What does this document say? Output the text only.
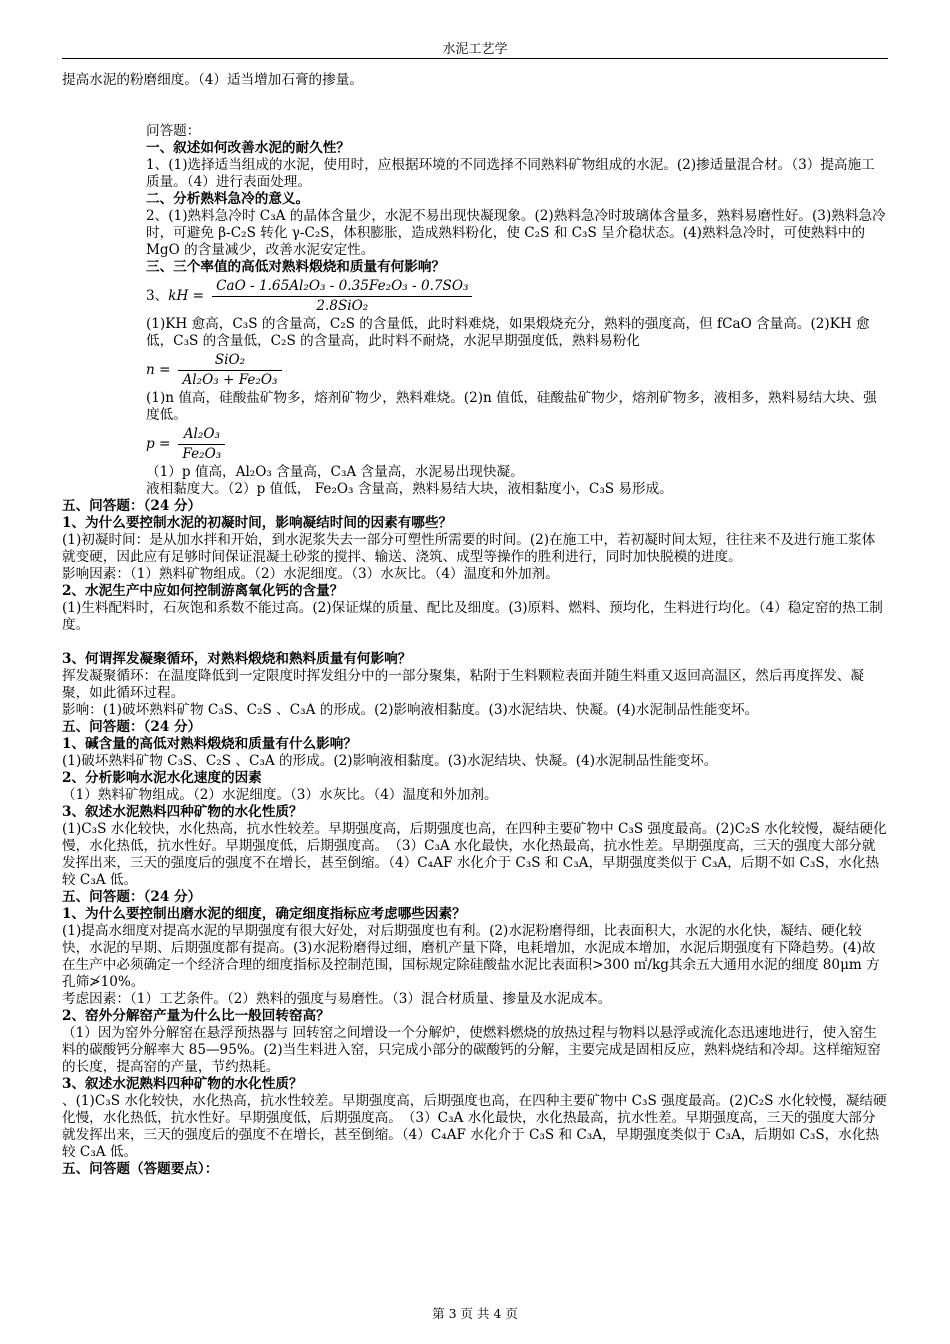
水泥工艺学

提高水泥的粉磨细度。（4）适当增加石膏的掺量。

问答题：

一、叙述如何改善水泥的耐久性？

1、(1)选择适当组成的水泥，使用时，应根据环境的不同选择不同熟料矿物组成的水泥。(2)掺适量混合材。（3）提高施工质量。（4）进行表面处理。

二、分析熟料急冷的意义。

2、(1)熟料急冷时 C₃A 的晶体含量少，水泥不易出现快凝现象。(2)熟料急冷时玻璃体含量多，熟料易磨性好。(3)熟料急冷时，可避免 β-C₂S 转化 γ-C₂S，体积膨胀，造成熟料粉化，使 C₂S 和 C₃S 呈介稳状态。(4)熟料急冷时，可使熟料中的 MgO 的含量减少，改善水泥安定性。

三、三个率值的高低对熟料煅烧和质量有何影响？

3、 kH = $\frac{\text{CaO - 1.65Al₂O₃ - 0.35Fe₂O₃ - 0.7SO₃}}{\text{2.8SiO₂}}$

(1)KH 愈高，C₃S 的含量高，C₂S 的含量低，此时料难烧，如果煅烧充分，熟料的强度高，但 fCaO 含量高。(2)KH 愈低，C₃S 的含量低，C₂S 的含量高，此时料不耐烧，水泥早期强度低，熟料易粉化

$n = \frac{\text{SiO₂}}{\text{Al₂O₃ + Fe₂O₃}}$

(1)n 值高，硅酸盐矿物多，熔剂矿物少，熟料难烧。(2)n 值低，硅酸盐矿物少，熔剂矿物多，液相多，熟料易结大块、强度低。

$p = \frac{\text{Al₂O₃}}{\text{Fe₂O₃}}$

（1）p 值高，Al₂O₃ 含量高，C₃A 含量高，水泥易出现快凝。

液相黏度大。（2）p 值低， Fe₂O₃ 含量高，熟料易结大块，液相黏度小，C₃S 易形成。

五、问答题：（24 分）

1、为什么要控制水泥的初凝时间，影响凝结时间的因素有哪些？

(1)初凝时间：是从加水拌和开始，到水泥浆失去一部分可塑性所需要的时间。(2)在施工中，若初凝时间太短，往往来不及进行施工浆体就变硬，因此应有足够时间保证混凝土砂浆的搅拌、输送、浇筑、成型等操作的胜利进行，同时加快脱模的进度。

影响因素：（1）熟料矿物组成。（2）水泥细度。（3）水灰比。（4）温度和外加剂。

2、水泥生产中应如何控制游离氧化钙的含量？

(1)生料配料时，石灰饱和系数不能过高。(2)保证煤的质量、配比及细度。(3)原料、燃料、预均化，生料进行均化。（4）稳定窑的热工制度。

3、何谓挥发凝聚循环，对熟料煅烧和熟料质量有何影响？

挥发凝聚循环：在温度降低到一定限度时挥发组分中的一部分聚集，粘附于生料颗粒表面并随生料重又返回高温区，然后再度挥发、凝聚，如此循环过程。

影响：(1)破坏熟料矿物 C₃S、C₂S 、C₃A 的形成。(2)影响液相黏度。(3)水泥结块、快凝。(4)水泥制品性能变坏。

五、问答题：（24 分）

1、碱含量的高低对熟料煅烧和质量有什么影响？

(1)破坏熟料矿物 C₃S、C₂S 、C₃A 的形成。(2)影响液相黏度。(3)水泥结块、快凝。(4)水泥制品性能变坏。

2、分析影响水泥水化速度的因素

（1）熟料矿物组成。（2）水泥细度。（3）水灰比。（4）温度和外加剂。

3、叙述水泥熟料四种矿物的水化性质？

(1)C₃S 水化较快，水化热高，抗水性较差。早期强度高，后期强度也高，在四种主要矿物中 C₃S 强度最高。(2)C₂S 水化较慢，凝结硬化慢，水化热低，抗水性好。早期强度低，后期强度高。　（3）C₃A 水化最快，水化热最高，抗水性差。早期强度高，三天的强度大部分就发挥出来，三天的强度后的强度不在增长，甚至倒缩。（4）C₄AF 水化介于 C₃S 和 C₃A，早期强度类似于 C₃A，后期不如 C₃S，水化热较 C₃A 低。

五、问答题：（24 分）

1、为什么要控制出磨水泥的细度，确定细度指标应考虑哪些因素？

(1)提高水细度对提高水泥的早期强度有很大好处，对后期强度也有利。(2)水泥粉磨得细，比表面积大，水泥的水化快，凝结、硬化较快，水泥的早期、后期强度都有提高。(3)水泥粉磨得过细，磨机产量下降，电耗增加，水泥成本增加，水泥后期强度有下降趋势。(4)故在生产中必须确定一个经济合理的细度指标及控制范围，国标规定除硅酸盐水泥比表面积>300 ㎡/kg其余五大通用水泥的细度 80μm 方孔筛≯10%。

考虑因素：（1）工艺条件。（2）熟料的强度与易磨性。（3）混合材质量、掺量及水泥成本。

2、窑外分解窑产量为什么比一般回转窑高？

（1）因为窑外分解窑在悬浮预热器与 回转窑之间增设一个分解炉，使燃料燃烧的放热过程与物料以悬浮或流化态迅速地进行，使入窑生料的碳酸钙分解率大 85—95%。(2)当生料进入窑，只完成小部分的碳酸钙的分解，主要完成是固相反应，熟料烧结和冷却。这样缩短窑的长度，提高窑的产量，节约热耗。

3、叙述水泥熟料四种矿物的水化性质？

、(1)C₃S 水化较快，水化热高，抗水性较差。早期强度高，后期强度也高，在四种主要矿物中 C₃S 强度最高。(2)C₂S 水化较慢，凝结硬化慢，水化热低，抗水性好。早期强度低，后期强度高。　（3）C₃A 水化最快，水化热最高，抗水性差。早期强度高，三天的强度大部分就发挥出来，三天的强度后的强度不在增长，甚至倒缩。（4）C₄AF 水化介于 C₃S 和 C₃A，早期强度类似于 C₃A，后期如 C₃S，水化热较 C₃A 低。

五、问答题（答题要点）：

第 3 页 共 4 页
